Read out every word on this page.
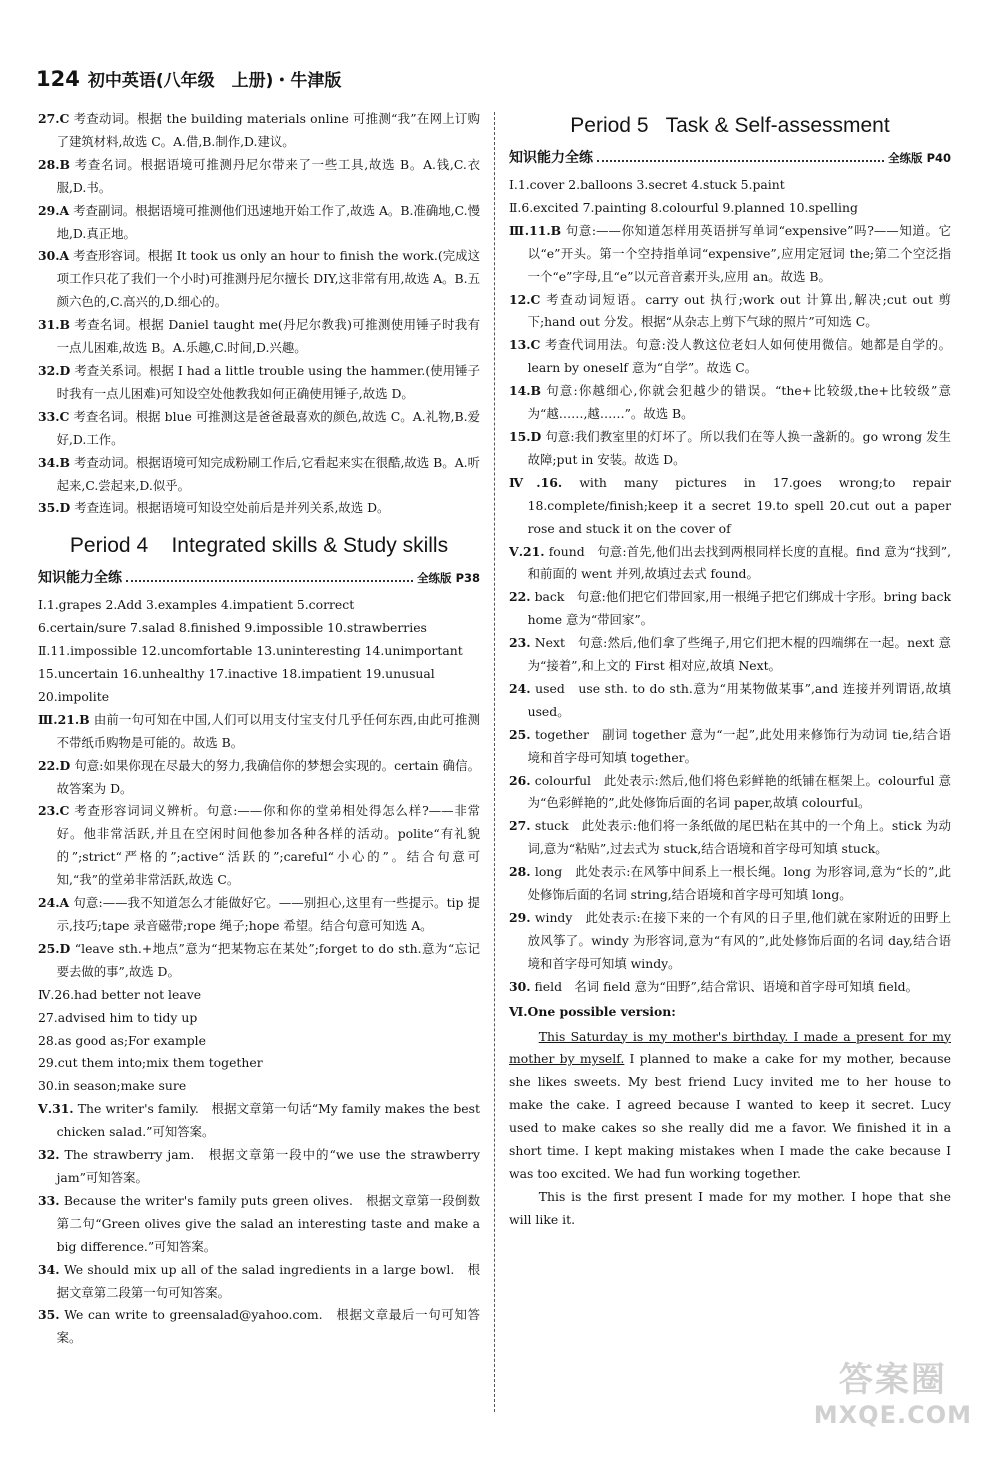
124 初中英语(八年级　上册)・牛津版

27.C 考查动词。根据 the building materials online 可推测“我”在网上订购了建筑材料,故选 C。A.借,B.制作,D.建议。

28.B 考查名词。根据语境可推测丹尼尔带来了一些工具,故选 B。A.钱,C.衣服,D.书。

29.A 考查副词。根据语境可推测他们迅速地开始工作了,故选 A。B.准确地,C.慢地,D.真正地。

30.A 考查形容词。根据 It took us only an hour to finish the work.(完成这项工作只花了我们一个小时)可推测丹尼尔擅长 DIY,这非常有用,故选 A。B.五颜六色的,C.高兴的,D.细心的。

31.B 考查名词。根据 Daniel taught me(丹尼尔教我)可推测使用锤子时我有一点儿困难,故选 B。A.乐趣,C.时间,D.兴趣。

32.D 考查关系词。根据 I had a little trouble using the hammer.(使用锤子时我有一点儿困难)可知设空处他教我如何正确使用锤子,故选 D。

33.C 考查名词。根据 blue 可推测这是爸爸最喜欢的颜色,故选 C。A.礼物,B.爱好,D.工作。

34.B 考查动词。根据语境可知完成粉刷工作后,它看起来实在很酷,故选 B。A.听起来,C.尝起来,D.似乎。

35.D 考查连词。根据语境可知设空处前后是并列关系,故选 D。

Period 4    Integrated skills & Study skills
知识能力全练	全练版 P38

Ⅰ.1.grapes 2.Add 3.examples 4.impatient 5.correct

6.certain/sure 7.salad 8.finished 9.impossible 10.strawberries

Ⅱ.11.impossible 12.uncomfortable 13.uninteresting 14.unimportant

15.uncertain 16.unhealthy 17.inactive 18.impatient 19.unusual

20.impolite

Ⅲ.21.B 由前一句可知在中国,人们可以用支付宝支付几乎任何东西,由此可推测不带纸币购物是可能的。故选 B。

22.D 句意:如果你现在尽最大的努力,我确信你的梦想会实现的。certain 确信。故答案为 D。

23.C 考查形容词词义辨析。句意:——你和你的堂弟相处得怎么样?——非常好。他非常活跃,并且在空闲时间他参加各种各样的活动。polite“有礼貌的”;strict“严格的”;active“活跃的”;careful“小心的”。结合句意可知,“我”的堂弟非常活跃,故选 C。

24.A 句意:——我不知道怎么才能做好它。——别担心,这里有一些提示。tip 提示,技巧;tape 录音磁带;rope 绳子;hope 希望。结合句意可知选 A。

25.D “leave sth.+地点”意为“把某物忘在某处”;forget to do sth.意为“忘记要去做的事”,故选 D。

Ⅳ.26.had better not leave

27.advised him to tidy up

28.as good as;For example

29.cut them into;mix them together

30.in season;make sure

Ⅴ.31. The writer's family.　根据文章第一句话“My family makes the best chicken salad.”可知答案。

32. The strawberry jam.　根据文章第一段中的“we use the strawberry jam”可知答案。

33. Because the writer's family puts green olives.　根据文章第一段倒数第二句“Green olives give the salad an interesting taste and make a big difference.”可知答案。

34. We should mix up all of the salad ingredients in a large bowl.　根据文章第二段第一句可知答案。

35. We can write to greensalad@yahoo.com.　根据文章最后一句可知答案。

Period 5   Task & Self-assessment
知识能力全练	全练版 P40

Ⅰ.1.cover 2.balloons 3.secret 4.stuck 5.paint

Ⅱ.6.excited 7.painting 8.colourful 9.planned 10.spelling

Ⅲ.11.B 句意:——你知道怎样用英语拼写单词“expensive”吗?——知道。它以“e”开头。第一个空持指单词“expensive”,应用定冠词 the;第二个空泛指一个“e”字母,且“e”以元音音素开头,应用 an。故选 B。

12.C 考查动词短语。carry out 执行;work out 计算出,解决;cut out 剪下;hand out 分发。根据“从杂志上剪下气球的照片”可知选 C。

13.C 考查代词用法。句意:没人教这位老妇人如何使用微信。她都是自学的。learn by oneself 意为“自学”。故选 C。

14.B 句意:你越细心,你就会犯越少的错误。“the+比较级,the+比较级”意为“越……,越……”。故选 B。

15.D 句意:我们教室里的灯坏了。所以我们在等人换一盏新的。go wrong 发生故障;put in 安装。故选 D。

Ⅳ.16. with many pictures in 17.goes wrong;to repair 18.complete/finish;keep it a secret 19.to spell 20.cut out a paper rose and stuck it on the cover of

Ⅴ.21. found　句意:首先,他们出去找到两根同样长度的直棍。find 意为“找到”,和前面的 went 并列,故填过去式 found。

22. back　句意:他们把它们带回家,用一根绳子把它们绑成十字形。bring back home 意为“带回家”。

23. Next　句意:然后,他们拿了些绳子,用它们把木棍的四端绑在一起。next 意为“接着”,和上文的 First 相对应,故填 Next。

24. used　use sth. to do sth.意为“用某物做某事”,and 连接并列谓语,故填 used。

25. together　副词 together 意为“一起”,此处用来修饰行为动词 tie,结合语境和首字母可知填 together。

26. colourful　此处表示:然后,他们将色彩鲜艳的纸铺在框架上。colourful 意为“色彩鲜艳的”,此处修饰后面的名词 paper,故填 colourful。

27. stuck　此处表示:他们将一条纸做的尾巴粘在其中的一个角上。stick 为动词,意为“粘贴”,过去式为 stuck,结合语境和首字母可知填 stuck。

28. long　此处表示:在风筝中间系上一根长绳。long 为形容词,意为“长的”,此处修饰后面的名词 string,结合语境和首字母可知填 long。

29. windy　此处表示:在接下来的一个有风的日子里,他们就在家附近的田野上放风筝了。windy 为形容词,意为“有风的”,此处修饰后面的名词 day,结合语境和首字母可知填 windy。

30. field　名词 field 意为“田野”,结合常识、语境和首字母可知填 field。

Ⅵ.One possible version:

This Saturday is my mother's birthday. I made a present for my mother by myself. I planned to make a cake for my mother, because she likes sweets. My best friend Lucy invited me to her house to make the cake. I agreed because I wanted to keep it secret. Lucy used to make cakes so she really did me a favor. We finished it in a short time. I kept making mistakes when I made the cake because I was too excited. We had fun working together.

This is the first present I made for my mother. I hope that she will like it.

答案圈
MXQE.COM
